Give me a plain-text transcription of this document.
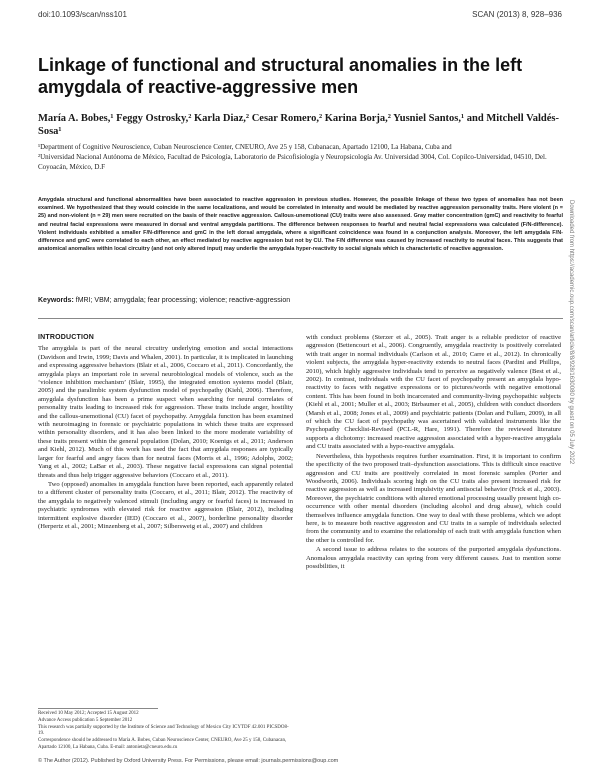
doi:10.1093/scan/nss101	SCAN (2013) 8, 928–936
Linkage of functional and structural anomalies in the left amygdala of reactive-aggressive men

María A. Bobes,¹ Feggy Ostrosky,² Karla Diaz,² Cesar Romero,² Karina Borja,² Yusniel Santos,¹ and Mitchell Valdés-Sosa¹

¹Department of Cognitive Neuroscience, Cuban Neuroscience Center, CNEURO, Ave 25 y 158, Cubanacan, Apartado 12100, La Habana, Cuba and
²Universidad Nacional Autónoma de México, Facultad de Psicología, Laboratorio de Psicofisiología y Neuropsicología Av. Universidad 3004, Col. Copilco-Universidad, 04510, Del. Coyoacán, México, D.F

Amygdala structural and functional abnormalities have been associated to reactive aggression in previous studies. However, the possible linkage of these two types of anomalies has not been examined. We hypothesized that they would coincide in the same localizations, and would be correlated in intensity and would be mediated by reactive aggression personality traits. Here violent (n = 25) and non-violent (n = 29) men were recruited on the basis of their reactive aggression. Callous-unemotional (CU) traits were also assessed. Gray matter concentration (gmC) and reactivity to fearful and neutral facial expressions were measured in dorsal and ventral amygdala partitions. The difference between responses to fearful and neutral facial expressions was calculated (F/N-difference). Violent individuals exhibited a smaller F/N-difference and gmC in the left dorsal amygdala, where a significant coincidence was found in a conjunction analysis. Moreover, the left amygdala F/N-difference and gmC were correlated to each other, an effect mediated by reactive aggression but not by CU. The F/N difference was caused by increased reactivity to neutral faces. This suggests that anatomical anomalies within local circuitry (and not only altered input) may underlie the amygdala hyper-reactivity to social signals which is characteristic of reactive aggression.

Keywords: fMRI; VBM; amygdala; fear processing; violence; reactive-aggression

INTRODUCTION

The amygdala is part of the neural circuitry underlying emotion and social interactions (Davidson and Irwin, 1999; Davis and Whalen, 2001). In particular, it is implicated in launching and expressing aggressive behaviors (Blair et al., 2006, Coccaro et al., 2011). Concordantly, the amygdala plays an important role in several neurobiological models of violence, such as the ‘violence inhibition mechanism’ (Blair, 1995), the integrated emotion systems model (Blair, 2005) and the paralimbic system dysfunction model of psychopathy (Kiehl, 2006). Therefore, amygdala dysfunction has been a prime suspect when searching for neural correlates of personality traits leading to increased risk for aggression. These traits include anger, hostility and the callous-unemotional (CU) facet of psychopathy. Amygdala function has been examined with neuroimaging in forensic or psychiatric populations in which these traits are expressed within personality disorders, and it has also been linked to the more moderate variability of these traits present within the general population (Dolan, 2010; Koenigs et al., 2011; Anderson and Kiehl, 2012). Much of this work has used the fact that amygdala responses are typically larger for fearful and angry faces than for neutral faces (Morris et al., 1996; Adolphs, 2002; Yang et al., 2002; LaBar et al., 2003). These negative facial expressions can signal potential threats and thus help trigger aggressive behaviors (Coccaro et al., 2011).

Two (opposed) anomalies in amygdala function have been reported, each apparently related to a different cluster of personality traits (Coccaro, et al., 2011; Blair, 2012). The reactivity of the amygdala to negatively valenced stimuli (including angry or fearful faces) is increased in psychiatric syndromes with elevated risk for reactive aggression (Blair, 2012), including intermittent explosive disorder (IED) (Coccaro et al., 2007), borderline personality disorder (Herpertz et al., 2001; Minzenberg et al., 2007; Silbersweig et al., 2007) and children

with conduct problems (Sterzer et al., 2005). Trait anger is a reliable predictor of reactive aggression (Bettencourt et al., 2006). Congruently, amygdala reactivity is positively correlated with trait anger in normal individuals (Carlson et al., 2010; Carre et al., 2012). In chronically violent subjects, the amygdala hyper-reactivity extends to neutral faces (Pardini and Phillips, 2010), which highly aggressive individuals tend to perceive as negatively valence (Best et al., 2002). In contrast, individuals with the CU facet of psychopathy present an amygdala hypo-reactivity to faces with negative expressions or to pictures/words with negative emotional content. This has been found in both incarcerated and community-living psychopathic subjects (Kiehl et al., 2001; Muller et al., 2003; Birbaumer et al., 2005), children with conduct disorders (Marsh et al., 2008; Jones et al., 2009) and psychiatric patients (Dolan and Fullam, 2009), in all of which the CU facet of psychopathy was ascertained with validated instruments like the Psychopathy Checklist-Revised (PCL-R, Hare, 1991). Therefore the reviewed literature supports a dichotomy: increased reactive aggression associated with a hyper-reactive amygdala and CU traits associated with a hypo-reactive amygdala.

Nevertheless, this hypothesis requires further examination. First, it is important to confirm the specificity of the two proposed trait–dysfunction associations. This is difficult since reactive aggression and CU traits are positively correlated in most forensic samples (Porter and Woodworth, 2006). Individuals scoring high on the CU traits also present increased risk for reactive aggression as well as increased impulsivity and antisocial behavior (Frick et al., 2003). Moreover, the psychiatric conditions with altered emotional processing usually present high co-occurrence with other mental disorders (including alcohol and drug abuse), which could themselves influence amygdala function. One way to deal with these problems, which we adopt here, is to measure both reactive aggression and CU traits in a sample of individuals selected from the community and to examine the relationship of each trait with amygdala function when the other is controlled for.

A second issue to address relates to the sources of the purported amygdala dysfunctions. Anomalous amygdala reactivity can spring from very different causes. Just to mention some possibilities, it

Received 10 May 2012; Accepted 15 August 2012

Advance Access publication 5 September 2012

This research was partially supported by the Institute of Science and Technology of Mexico City ICYTDF 42.001 PICSDO8-19.

Correspondence should be addressed to María A. Bobes, Cuban Neuroscience Center, CNEURO, Ave 25 y 158, Cubanacan, Apartado 12100, La Habana, Cuba. E-mail: antonieta@cneuro.edu.cu

© The Author (2012). Published by Oxford University Press. For Permissions, please email: journals.permissions@oup.com
Downloaded from https://academic.oup.com/scan/article/8/8/928/1630080 by guest on 05 July 2022
